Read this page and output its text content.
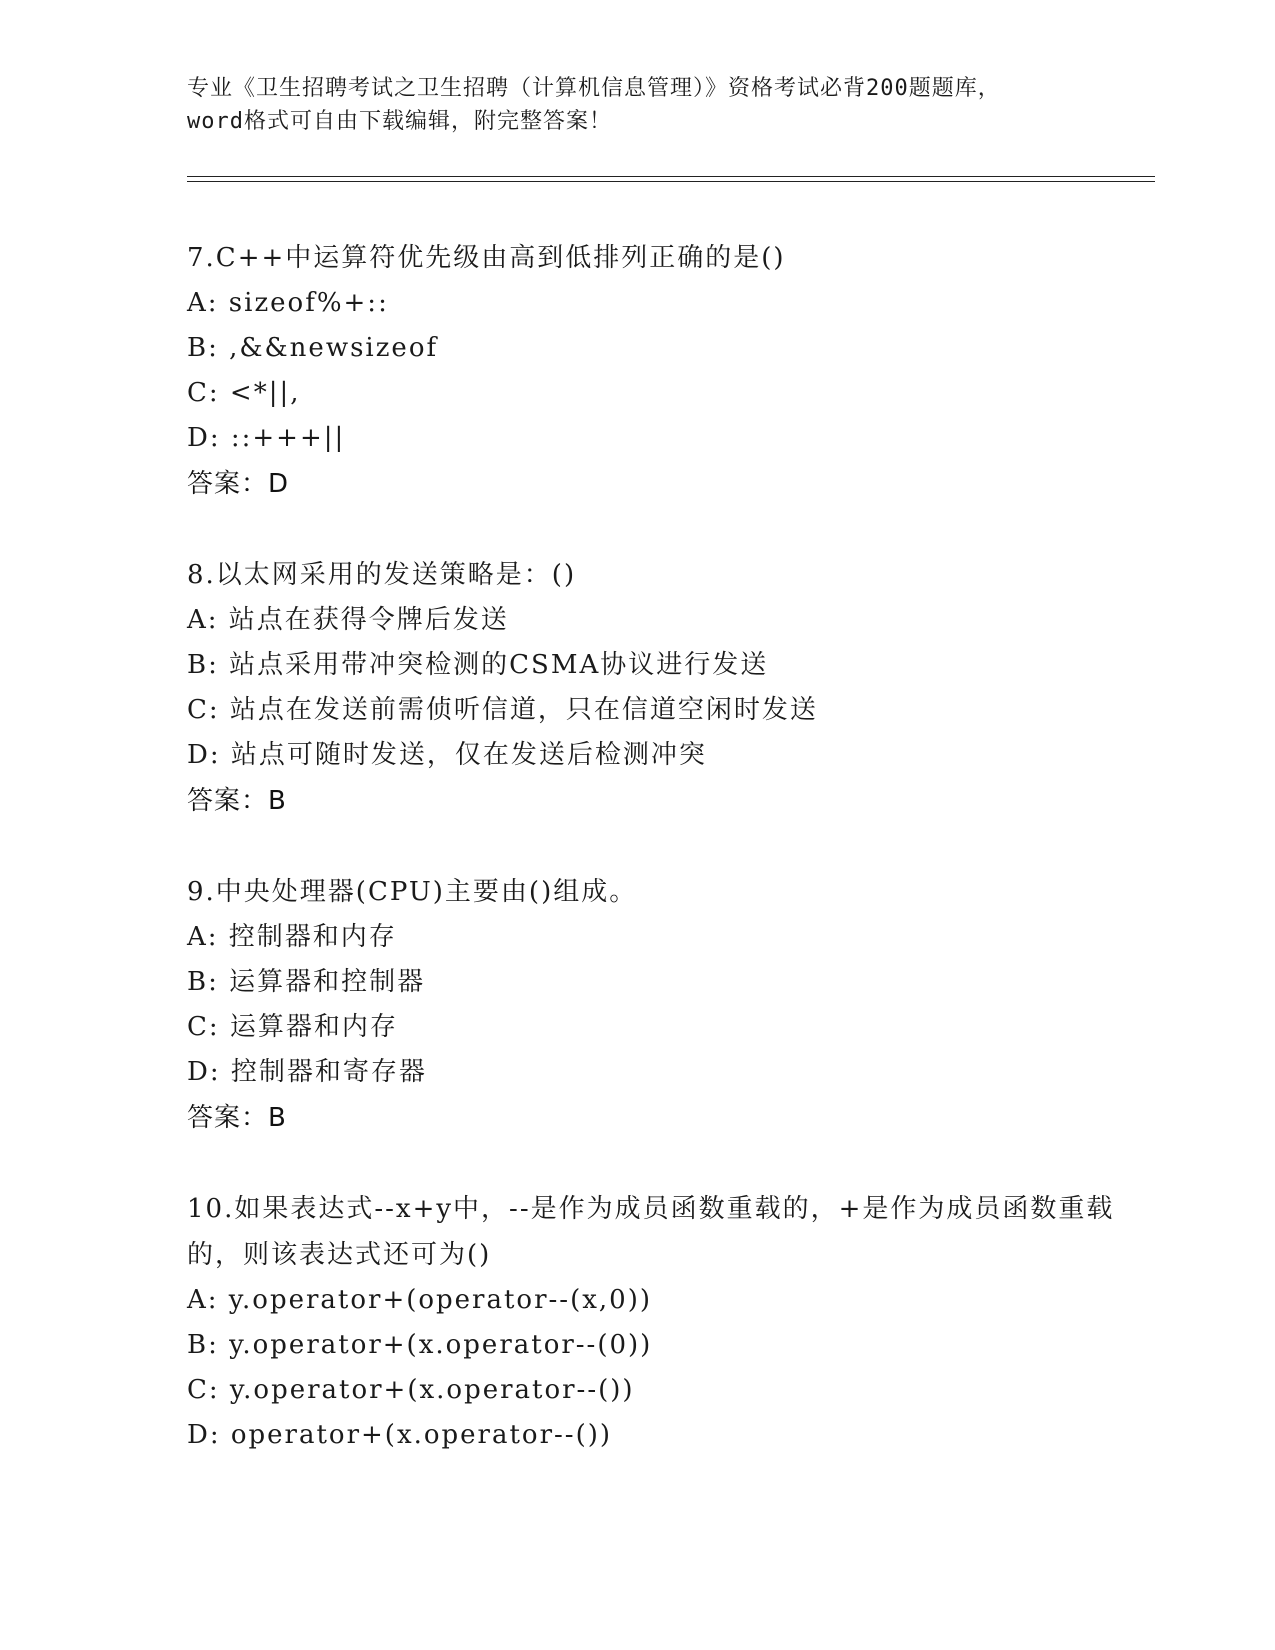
专业《卫生招聘考试之卫生招聘（计算机信息管理）》资格考试必背200题题库，
word格式可自由下载编辑，附完整答案！
7.C++中运算符优先级由高到低排列正确的是()
A: sizeof%+::
B: ,&&newsizeof
C: <*||,
D: ::+++||
答案：D
8.以太网采用的发送策略是：()
A: 站点在获得令牌后发送
B: 站点采用带冲突检测的CSMA协议进行发送
C: 站点在发送前需侦听信道，只在信道空闲时发送
D: 站点可随时发送，仅在发送后检测冲突
答案：B
9.中央处理器(CPU)主要由()组成。
A: 控制器和内存
B: 运算器和控制器
C: 运算器和内存
D: 控制器和寄存器
答案：B
10.如果表达式--x+y中，--是作为成员函数重载的，+是作为成员函数重载的，则该表达式还可为()
A: y.operator+(operator--(x,0))
B: y.operator+(x.operator--(0))
C: y.operator+(x.operator--())
D: operator+(x.operator--())
